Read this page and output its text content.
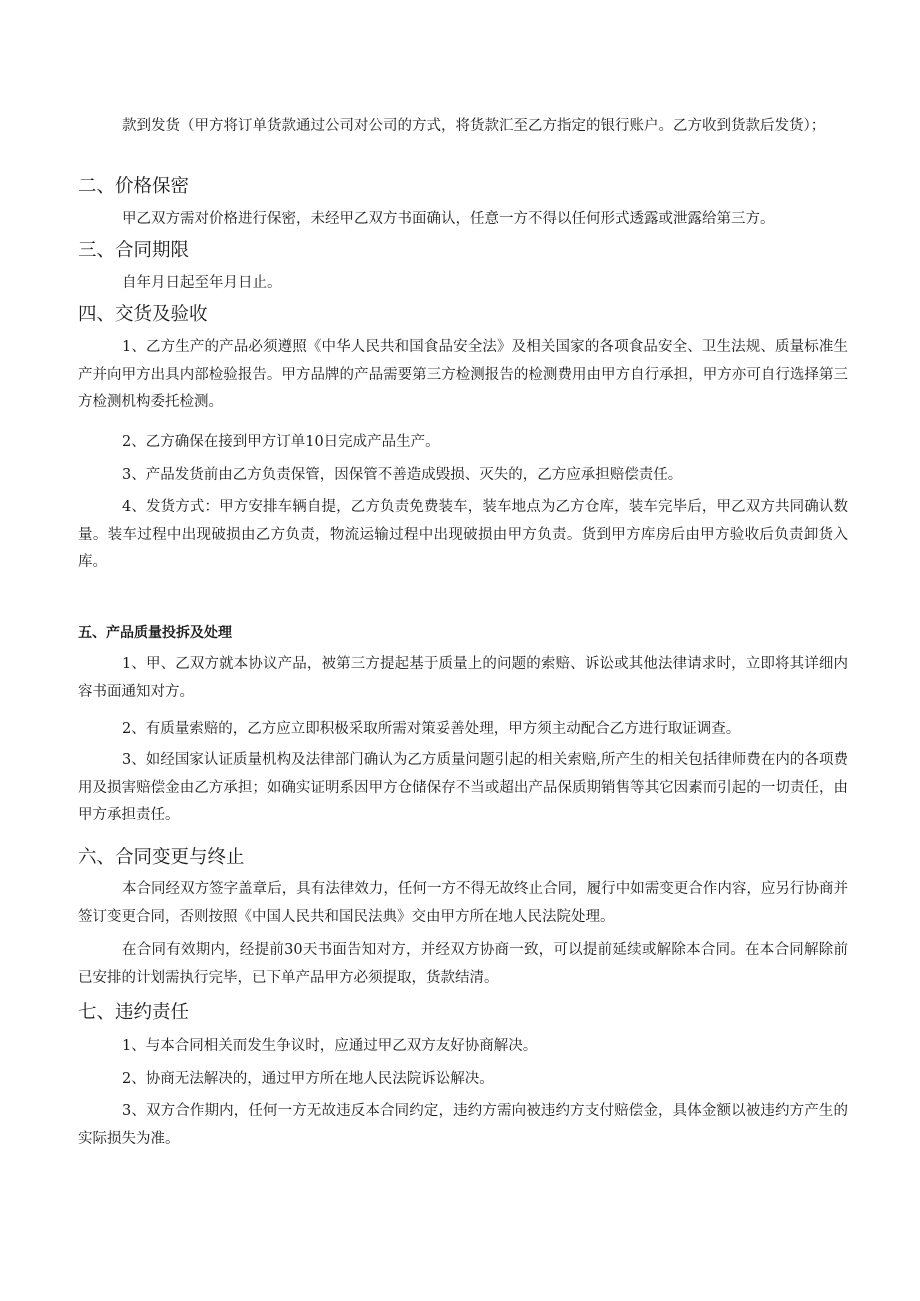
款到发货（甲方将订单货款通过公司对公司的方式，将货款汇至乙方指定的银行账户。乙方收到货款后发货）；

二、价格保密

甲乙双方需对价格进行保密，未经甲乙双方书面确认，任意一方不得以任何形式透露或泄露给第三方。

三、合同期限

自年月日起至年月日止。

四、交货及验收

1、乙方生产的产品必须遵照《中华人民共和国食品安全法》及相关国家的各项食品安全、卫生法规、质量标准生产并向甲方出具内部检验报告。甲方品牌的产品需要第三方检测报告的检测费用由甲方自行承担，甲方亦可自行选择第三方检测机构委托检测。

2、乙方确保在接到甲方订单10日完成产品生产。

3、产品发货前由乙方负责保管，因保管不善造成毁损、灭失的，乙方应承担赔偿责任。

4、发货方式：甲方安排车辆自提，乙方负责免费装车，装车地点为乙方仓库，装车完毕后，甲乙双方共同确认数量。装车过程中出现破损由乙方负责，物流运输过程中出现破损由甲方负责。货到甲方库房后由甲方验收后负责卸货入库。

五、产品质量投拆及处理

1、甲、乙双方就本协议产品，被第三方提起基于质量上的问题的索赔、诉讼或其他法律请求时，立即将其详细内容书面通知对方。

2、有质量索赔的，乙方应立即积极采取所需对策妥善处理，甲方须主动配合乙方进行取证调查。

3、如经国家认证质量机构及法律部门确认为乙方质量问题引起的相关索赔,所产生的相关包括律师费在内的各项费用及损害赔偿金由乙方承担；如确实证明系因甲方仓储保存不当或超出产品保质期销售等其它因素而引起的一切责任，由甲方承担责任。

六、合同变更与终止

本合同经双方签字盖章后，具有法律效力，任何一方不得无故终止合同，履行中如需变更合作内容，应另行协商并签订变更合同，否则按照《中国人民共和国民法典》交由甲方所在地人民法院处理。

在合同有效期内，经提前30天书面告知对方，并经双方协商一致，可以提前延续或解除本合同。在本合同解除前已安排的计划需执行完毕，已下单产品甲方必须提取，货款结清。

七、违约责任

1、与本合同相关而发生争议时，应通过甲乙双方友好协商解决。

2、协商无法解决的，通过甲方所在地人民法院诉讼解决。

3、双方合作期内，任何一方无故违反本合同约定，违约方需向被违约方支付赔偿金，具体金额以被违约方产生的实际损失为准。
